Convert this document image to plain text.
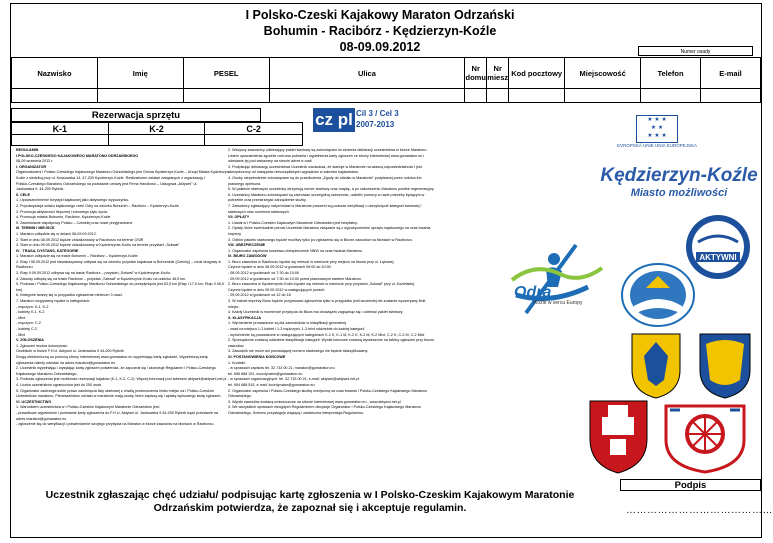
I Polsko-Czeski Kajakowy Maraton Odrzański
Bohumin - Racibórz - Kędzierzyn-Koźle
08-09.09.2012	Numer osady
Nazwisko	Imię	PESEL	Ulica	Nr domu	Nr miesz	Kod pocztowy	Miejscowość	Telefon	E-mail

Rezerwacja sprzętu
K-1	K-2	C-2
			cz pl Cíl 3 / Cel 3 2007-2013	★ ★ ★
★ ★
★ ★ ★
EVROPSKÁ UNIE UNIA EUROPEJSKA
REGULAMIN
I POLSKO-CZESKIEGO KAJAKOWEGO MARATONU ODRZAŃSKIEGO
08-09 wrzesnia 2012 r.
I. ORGANIZATOR
Organizatorami I Polsko-Czeskiego Kajakowego Maratonu Odrzańskiego jest Gmina Kędzierzyn-Koźle – Urząd Miasta Kędzierzyn-
Koźle z siedzibą przy ul. Kossowska 14, 47-200 Kędzierzyn-Koźle. Realizatorem działań związanych z organizacją I
Polsko-Czeskiego Maratonu Odrzańskiego na podstawie umowy jest Firma Handlowo – Usługowa „Aktywni” ul.
Jankowska 9, 44-200 Rybnik.
II. CELE
1. Upowszechnienie turystyki kajakowej jako aktywnego wypoczynku.
2. Popularyzacja szlaku kajakowego rzeki Odry na odcinku Bohumin – Racibórz – Kędzierzyn-Koźle
3. Promocja aktywności fizycznej i zdrowego stylu życia.
4. Promocja miasta Bohumin, Racibórz, Kędzierzyn-Koźle
5. Zacieśnianie współpracy Polsko – Czeskiej oraz nowe przygraniczne
III. TERMIN I MIEJSCE
1. Maraton odbędzie się w dniach 08-09.09.2012.
2. Start w dniu 08.09.2012 będzie zlokalizowany w Raciborzu na terenie OSiR
3. Start w dniu 09.09.2012 będzie zlokalizowany w Kędzierzynie-Koźlu na terenie przystani „Szkwał”
IV . TRASA, DYSTANS, KATEGORIE
1. Maraton odbędzie się na trasie Bohumin – Racibórz – Kędzierzyn-Koźle.
2. Etap I 08.09.2012 jest niewskazywany odbywa się na odcinku przystań kajakowa w Bohuminie (Czechy) – most drogowy w
Raciborzu.
3. Etap II 09.09.2012 odbywa się na trasie Racibórz – przystań „Szkwał” w Kędzierzynie-Koźlu.
4. Zawody odbędą się na trasie Racibórz – przystań „Szkwał” w Kędzierzynie-Koźlu na odcinku 46,5 km.
5. Podczas I Polsko-Czeskiego Kajakowego Maratonu Odrzańskiego do przepłynięcia jest 63,5 km (Etap I 17,0 km, Etap II 46,5
km).
6. Kategorie twarzy się w przypadku zgłoszenia minimum 3 osad.
7. Maraton rozgrywany będzie w kategoriach:
- męczyzn: K-1, K-2
- kobiety K-1, K-2
- Mixt
- męczyzn: C-2
- kobiety C-2
- Mixt
V. ZGŁOSZENIA
1. Zgłoszeń można dokonywać:
Osobiście w biurze F.H.U. Aktywni ul. Jankowska 9 44-200 Rybnik
Drogą elektroniczną za pomocą strony internetowej www.gomaraton.eu wypełniając kartę zgłoszeń. Wypełnioną kartę
zgłoszenia należy odesłać na adres maraton@gomaraton.eu
2. Uczestnik wypełniając i wysyłając kartę zgłoszeń potwierdza, że zapoznał się i akceptuje Regulamin I Polsko-Czeskiego
Kajakowego Maratonu Odrzańskiego.
3. Podczas zgłoszenia jest możliwość rezerwacji kajaków (K-1, K-2, C-2). Więcej informacji pod adresem aktywni@aktywni.net.pl
4. Liczba uczestników ograniczona jest do 250 osób.
5. Organizator zastrzega sobie prawo zamknięcia listy startowej z chwilą przekroczenia limitu miejsc na I Polsko-Czeskim
Uczestników maratonu. Pierwszeństwo udziału w maratonie mają osoby, które zapiszą się i wpłatę wpisowego kartę zgłoszeń.
VI. UCZESTNICTWO
1. Warunkiem uczestnictwa w I Polsko-Czeskim Kajakowym Maratonie Odrzańskim jest:
- prawidłowe wypełnienie i przesłanie karty zgłoszenia do F.H.U. Aktywni ul. Jankowska 9 44-200 Rybnik bądź przesłanie na
adres maraton@gomaraton.eu
- zgłoszenie się do weryfikacji i potwierdzenie swojego przybycia na Maraton w biurze zawodów na błoniach w Raciborzu.
2. Wszyscy zawodnicy odbierający pakiet startowy są zobowiązani do złożenia deklaracji uczestnictwa w biurze Maratonu.
Listem upoważnienia zgodnie ochrona pobrania i wypełnienia karty zgłoszeń ze strony internetowej www.gomaraton.eu i
odesłanie jej pod wskazany na stronie adres e-mail.
3. Podpisując deklarację uczestnictwa Uczestnik oświadcza, że startuje w Maratonie na własną odpowiedzialność i jest
ubezpieczony od następstw nieszczęśliwych wypadków w zakresie kajakarstwa.
4. Osoby niepełnoletnie zobowiązane są do przedłożenia „Zgody do udziału w Maratonie” podpisanej przez rodzica lub
prawnego opiekuna.
5. W pakiecie startowym uczestnicy otrzymują numer startowy oraz mapkę, a po zakończeniu Maratonu posiłek regeneracyjny.
6. Uczestnicy Maratonu zobowiązani są zachować szczególną ostrożność, udzielić pomocy w razie potrzeby będącym w
potrzebie oraz przestrzegać zarządzenie służby.
7. Zawodnicy zgłaszający natychmiast w Maratonie proszeni są podczas weryfikacji o okrzyknięcie kategorii startowej i
startowych oraz numerów startowych.
VII. OPŁATY
1. Udział w I Polsko-Czeskim Kajakowym Maratonie Odrzańskim jest bezpłatny.
2. Opłaty, które ewentualnie ponosi Uczestnik Maratonu związane są z wypożyczeniem sprzętu kajakowego na czas trwania
imprezy.
3. Odbiór pakietu startowego będzie możliwy tylko po zgłoszeniu się w Biurze zawodów na błoniach w Raciborzu.
VIII. UBEZPIECZENIE
1. Organizator zapewnia kosztowo ubezpieczenie NNW na czas trwania Maratonu.
IX. BIURO ZAWODÓW
1. Biuro zawodów w Raciborzu będzie się mieścić w namiocie przy wejściu na błonia przy ul. Łąkowej.
Czynne będzie w dniu 08.09.2012 w godzinach 09:00 do 10:00.
- 08.09.2012 w godzinach od 7:30 do 10:00
- 09.09.2012 w godzinach od 7:30 do 10:00 przed planowanym startem Maratonu.
2. Biuro zawodów w Kędzierzynie-Koźlu będzie się mieścić w namiocie przy przystani „Szkwał” przy ul. Kozielskiej.
Czynne będzie w dniu 09.09.2012 w następujących porach:
- 09.09.2012 w godzinach od 12 do 18
3. W trakcie imprezy Biuro będzie przyjmować zgłoszenia tylko w przypadku jeśli wcześniej nie zostanie wyczerpany limit
miejsc.
4. Każdy Uczestnik w momencie przybycia do Biura ma obowiązek zaglądnąć się i odebrać pakiet startowy.
X. KLASYFIKACJA
1. Wyróżnienie prowadzone są dla zawodników w klasyfikacji generalnej.
- osad na miejscu 1-3 kobiet i 1-3 mężczyzn, 1-3 mixt oddzielnie do każdej kategorii
- wyróżnienie są prowadzone w następujących kategoriach K-1 K, K-1 M, K-2 K, K-2 M, K-2 Mixt, C-2 K, C-2 M, C-2 Mixt
2. Sporządzone zostaną oddzielne klasyfikacje kategorii. Wyniki końcowe zostaną wywieszone na tablicy ogłoszeń przy biurze
zawodów.
3. Zawodnik nie może ani pozostającej numeru startowego nie będzie sklasyfikowany.
XI. POSTANOWIENIA KOŃCOWE
1. Kontakt:
- w sprawach zapisów tel. 32 733 00 21, maraton@gomaraton.eu
tel. 696 688 151, koordynator@gomaraton.eu
- w sprawach organizacyjnych: tel. 32 733 00 21, e-mail: aktywni@aktywni.net.pl
tel. 694 688 515, e-mail: koordynator@gomaraton.eu
2. Organizator zapewnia I Polsko-Czeskiego służbę medyczną na czas trwania I Polsko-Czeskiego Kajakowego Maratonu
Odrzańskiego.
3. Wyniki zawodów zostaną umieszczone na stronie internetowej www.gomaraton.eu , www.aktywni.net.pl
4. We wszystkich sprawach nieujętych Regulaminem decyduje Organizator I Polsko-Czeskiego Kajakowego Maratonu
Odrzańskiego, Schemu przysługuje wiążącą i ostateczna interpretacja Regulaminu.
Kędzierzyn-Koźle
Miasto możliwości
AKTYWNI
Odra
Koźle w sercu Europy
Podpis
Uczestnik zgłaszając chęć udziału/ podpisując kartę zgłoszenia w I Polsko-Czeskim Kajakowym Maratonie Odrzańskim potwierdza, że zapoznał się i akceptuje regulamin.	……………………………………
